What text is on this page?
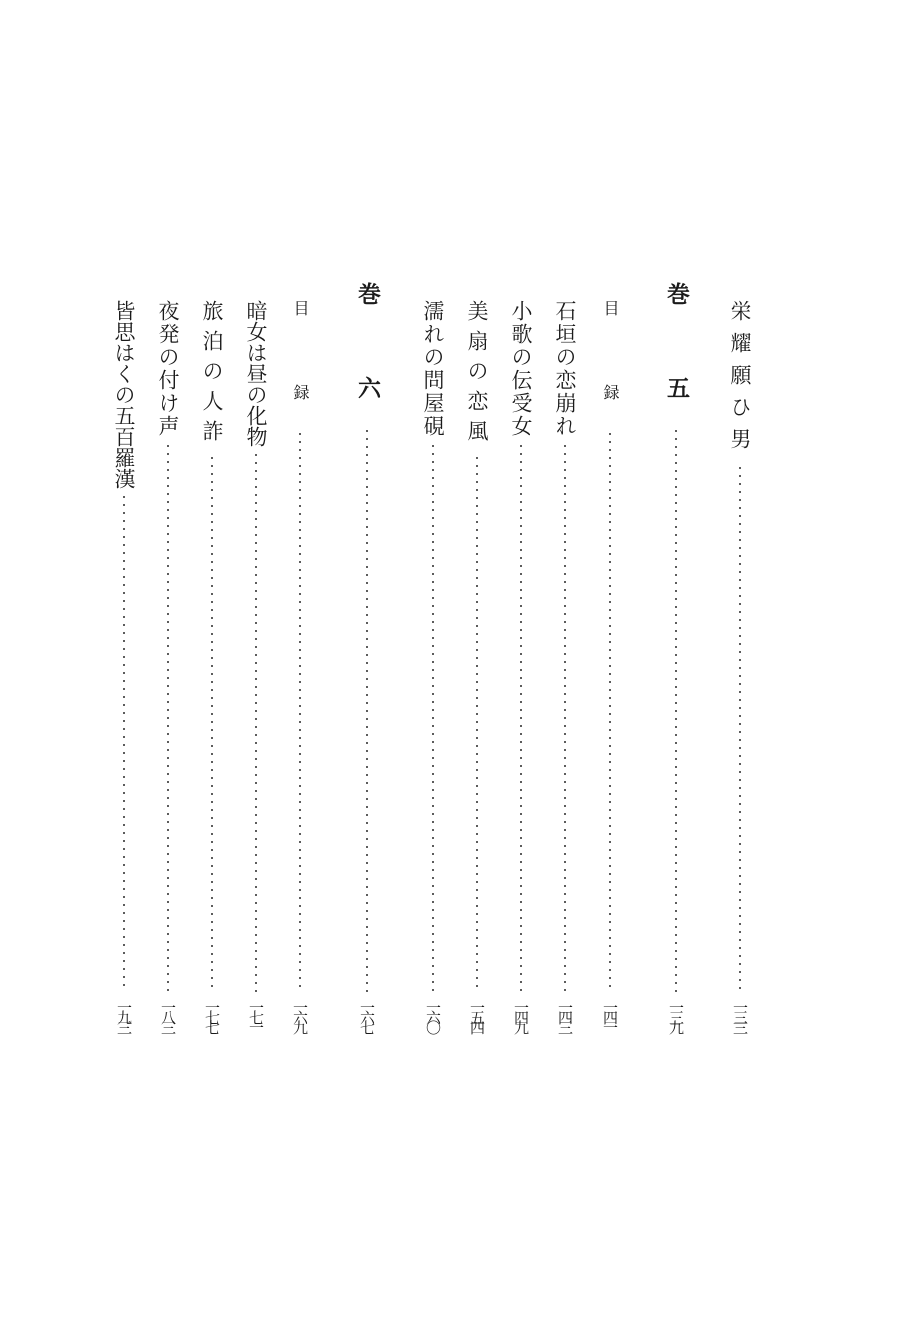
栄耀願ひ男
一三三
巻　五
一三九
目　録
一四一
石垣の恋崩れ
一四三
小歌の伝受女
一四九
美扇の恋風
一五四
濡れの問屋硯
一六〇
巻　六
一六七
目　録
一六九
暗女は昼の化物
一七一
旅泊の人詐
一七七
夜発の付け声
一八三
皆思はくの五百羅漢
一九三
